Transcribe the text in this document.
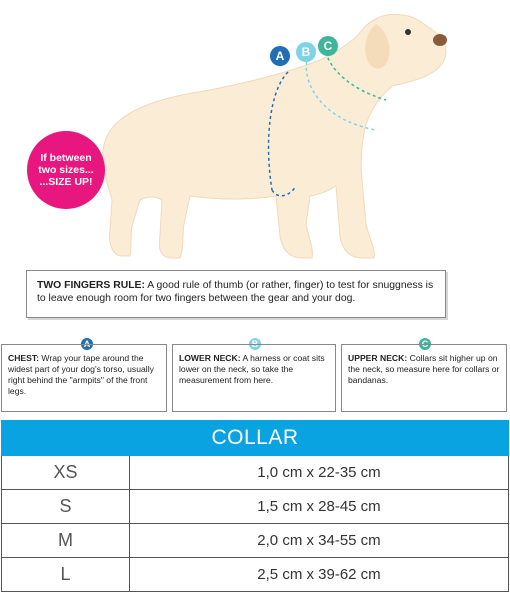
A B C
If between
two sizes...
...SIZE UP!
TWO FINGERS RULE: A good rule of thumb (or rather, finger) to test for snuggness is to leave enough room for two fingers between the gear and your dog.
A
CHEST: Wrap your tape around the widest part of your dog's torso, usually right behind the "armpits" of the front legs.
B
LOWER NECK: A harness or coat sits lower on the neck, so take the measurement from here.
C
UPPER NECK: Collars sit higher up on the neck, so measure here for collars or bandanas.
COLLAR	
XS	1,0 cm x 22-35 cm
S	1,5 cm x 28-45 cm
M	2,0 cm x 34-55 cm
L	2,5 cm x 39-62 cm
